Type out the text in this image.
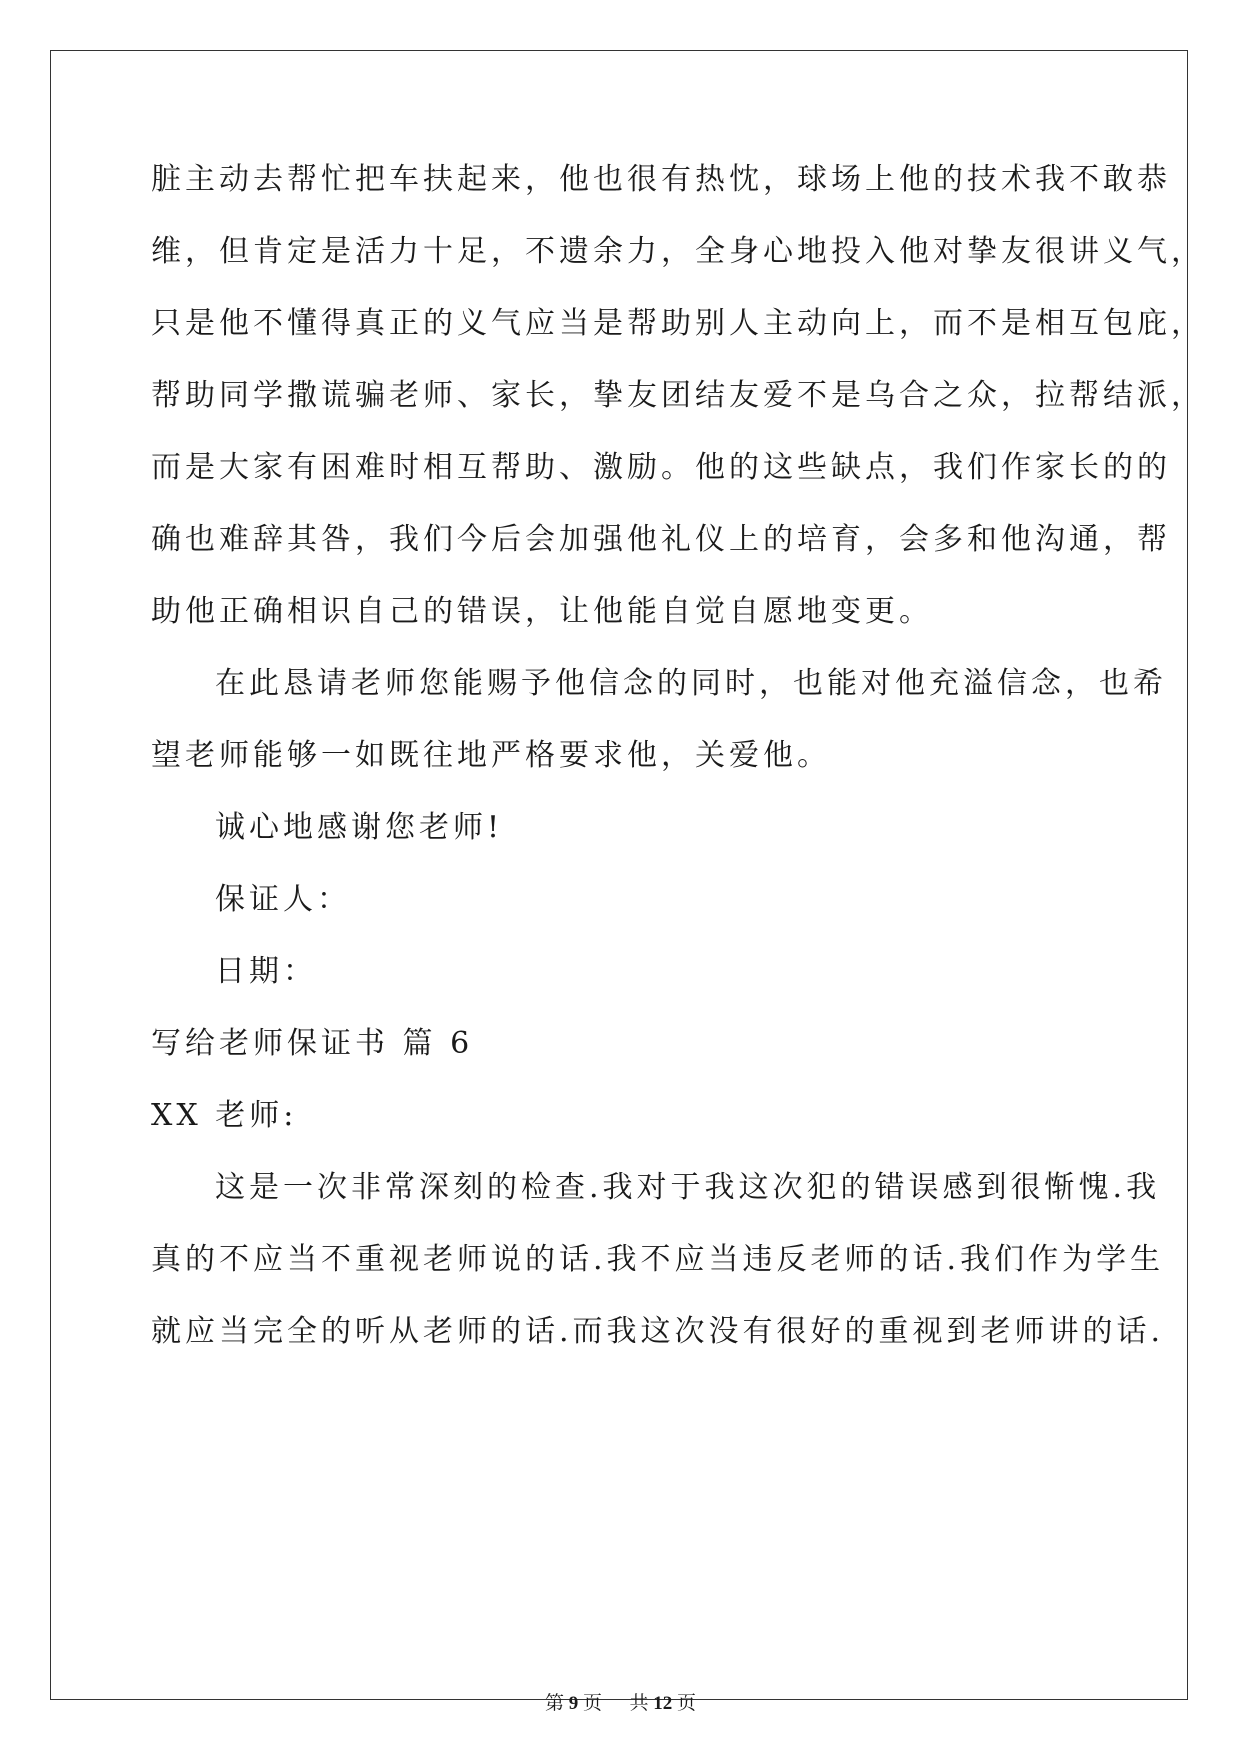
脏主动去帮忙把车扶起来，他也很有热忱，球场上他的技术我不敢恭
维，但肯定是活力十足，不遗余力，全身心地投入他对挚友很讲义气，
只是他不懂得真正的义气应当是帮助别人主动向上，而不是相互包庇，
帮助同学撒谎骗老师、家长，挚友团结友爱不是乌合之众，拉帮结派，
而是大家有困难时相互帮助、激励。他的这些缺点，我们作家长的的
确也难辞其咎，我们今后会加强他礼仪上的培育，会多和他沟通，帮
助他正确相识自己的错误，让他能自觉自愿地变更。
在此恳请老师您能赐予他信念的同时，也能对他充溢信念，也希
望老师能够一如既往地严格要求他，关爱他。
诚心地感谢您老师!
保证人：
日期：
写给老师保证书 篇 6
XX 老师:
这是一次非常深刻的检查.我对于我这次犯的错误感到很惭愧.我
真的不应当不重视老师说的话.我不应当违反老师的话.我们作为学生
就应当完全的听从老师的话.而我这次没有很好的重视到老师讲的话.
第 9 页 共 12 页
